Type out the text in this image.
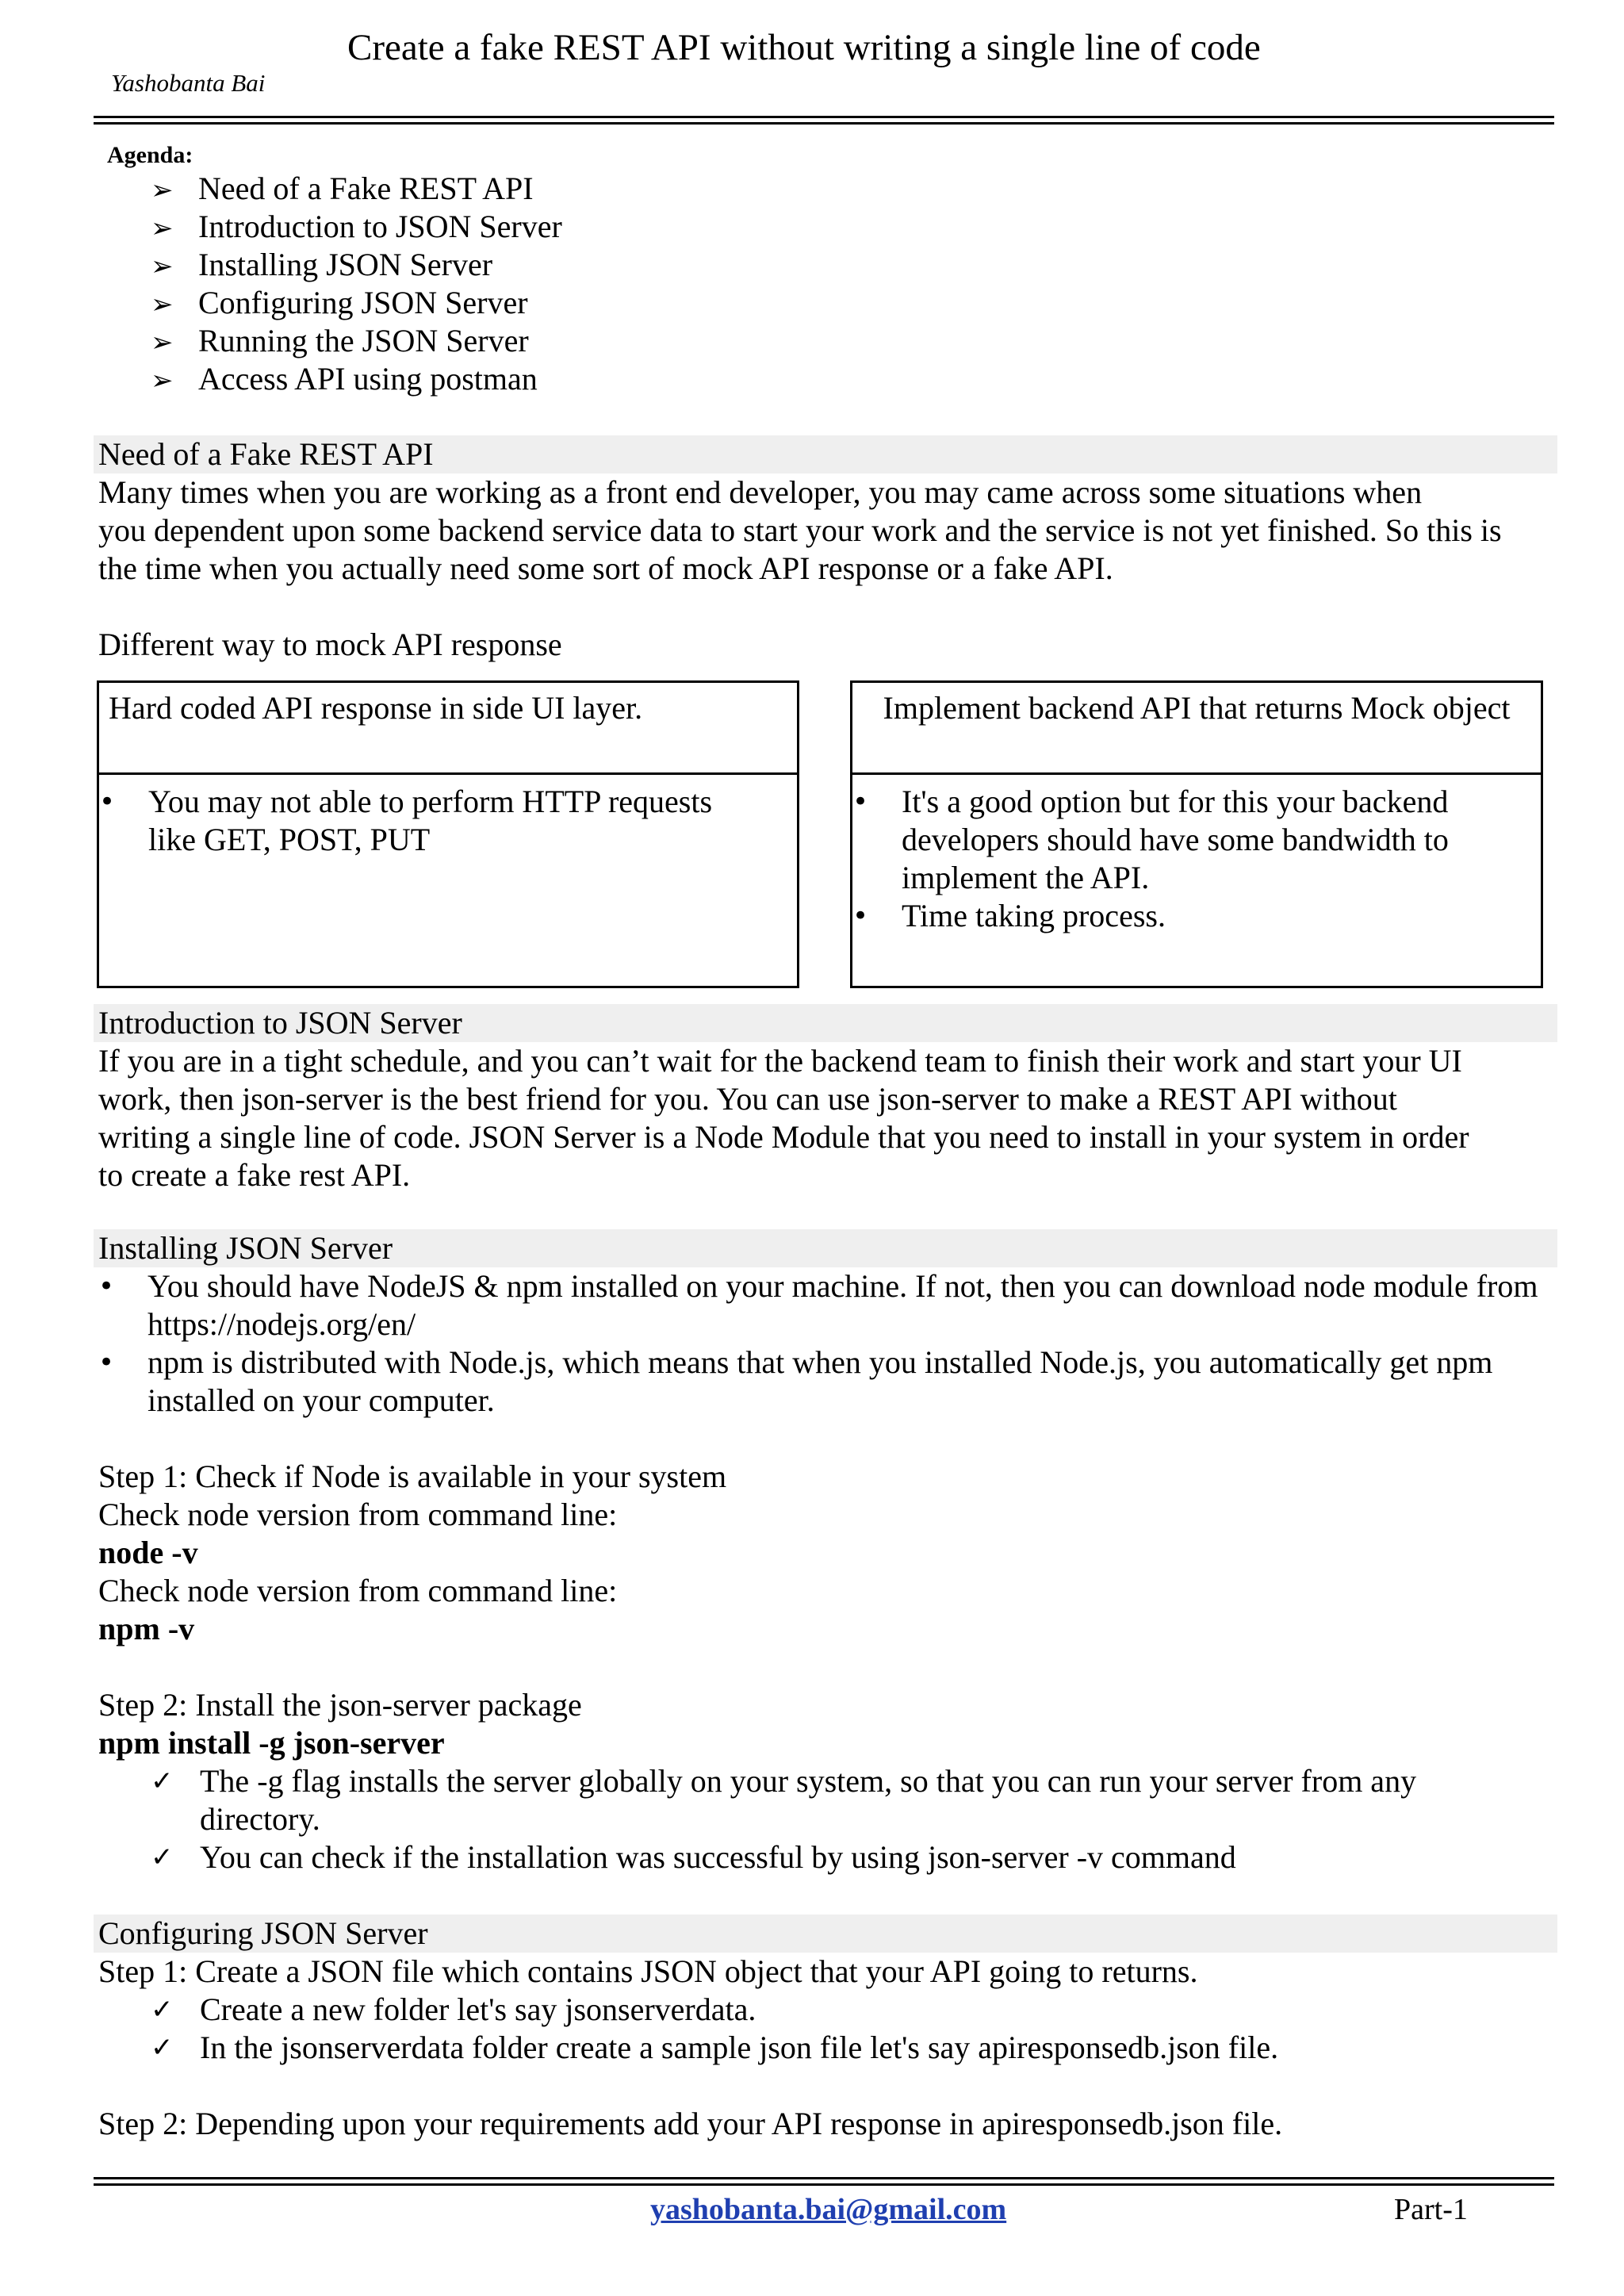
Create a fake REST API without writing a single line of code
Yashobanta Bai
Agenda:
➢ Need of a Fake REST API
➢ Introduction to JSON Server
➢ Installing JSON Server
➢ Configuring JSON Server
➢ Running the JSON Server
➢ Access API using postman
Need of a Fake REST API
Many times when you are working as a front end developer, you may came across some situations when
you dependent upon some backend service data to start your work and the service is not yet finished. So this is
the time when you actually need some sort of mock API response or a fake API.
Different way to mock API response
Hard coded API response in side UI layer.
• You may not able to perform HTTP requests like GET, POST, PUT
Implement backend API that returns Mock object
• It's a good option but for this your backend developers should have some bandwidth to implement the API.
• Time taking process.
Introduction to JSON Server
If you are in a tight schedule, and you can’t wait for the backend team to finish their work and start your UI
work, then json-server is the best friend for you. You can use json-server to make a REST API without
writing a single line of code. JSON Server is a Node Module that you need to install in your system in order
to create a fake rest API.
Installing JSON Server
• You should have NodeJS & npm installed on your machine. If not, then you can download node module from https://nodejs.org/en/
• npm is distributed with Node.js, which means that when you installed Node.js, you automatically get npm installed on your computer.
Step 1: Check if Node is available in your system
Check node version from command line:
node -v
Check node version from command line:
npm -v
Step 2: Install the json-server package
npm install -g json-server
✓ The -g flag installs the server globally on your system, so that you can run your server from any directory.
✓ You can check if the installation was successful by using json-server -v command
Configuring JSON Server
Step 1: Create a JSON file which contains JSON object that your API going to returns.
✓ Create a new folder let's say jsonserverdata.
✓ In the jsonserverdata folder create a sample json file let's say apiresponsedb.json file.
Step 2: Depending upon your requirements add your API response in apiresponsedb.json file.
yashobanta.bai@gmail.com	Part-1
